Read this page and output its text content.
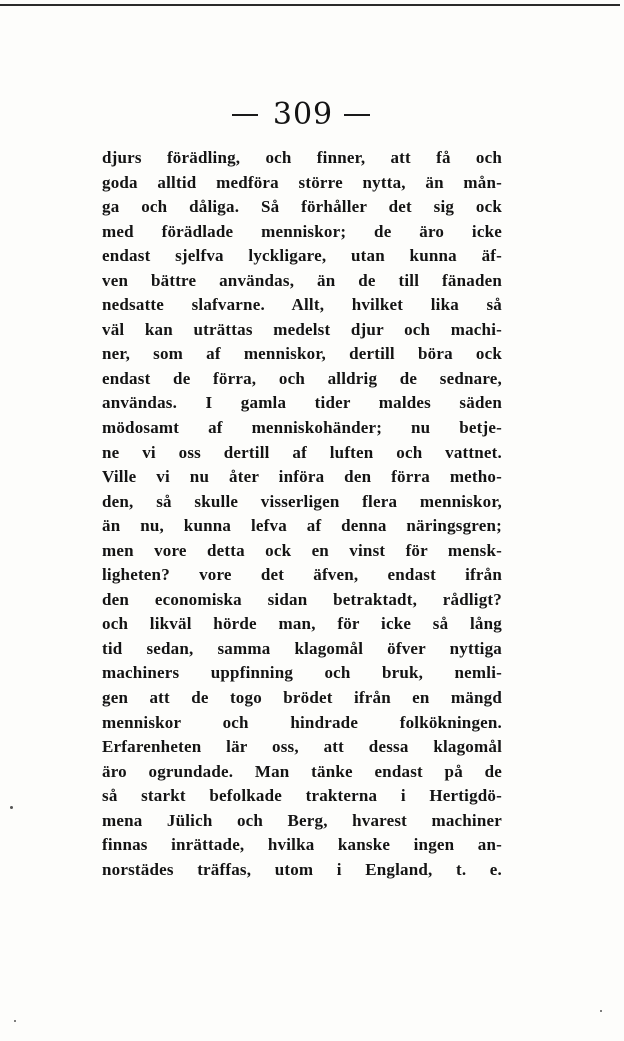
309
djurs förädling, och finner, att få och
goda alltid medföra större nytta, än mån-
ga och dåliga. Så förhåller det sig ock
med förädlade menniskor; de äro icke
endast sjelfva lyckligare, utan kunna äf-
ven bättre användas, än de till fänaden
nedsatte slafvarne. Allt, hvilket lika så
väl kan uträttas medelst djur och machi-
ner, som af menniskor, dertill böra ock
endast de förra, och alldrig de sednare,
användas. I gamla tider maldes säden
mödosamt af menniskohänder; nu betje-
ne vi oss dertill af luften och vattnet.
Ville vi nu åter införa den förra metho-
den, så skulle visserligen flera menniskor,
än nu, kunna lefva af denna näringsgren;
men vore detta ock en vinst för mensk-
ligheten? vore det äfven, endast ifrån
den economiska sidan betraktadt, rådligt?
och likväl hörde man, för icke så lång
tid sedan, samma klagomål öfver nyttiga
machiners uppfinning och bruk, nemli-
gen att de togo brödet ifrån en mängd
menniskor och hindrade folkökningen.
Erfarenheten lär oss, att dessa klagomål
äro ogrundade. Man tänke endast på de
så starkt befolkade trakterna i Hertigdö-
mena Jülich och Berg, hvarest machiner
finnas inrättade, hvilka kanske ingen an-
norstädes träffas, utom i England, t. e.
